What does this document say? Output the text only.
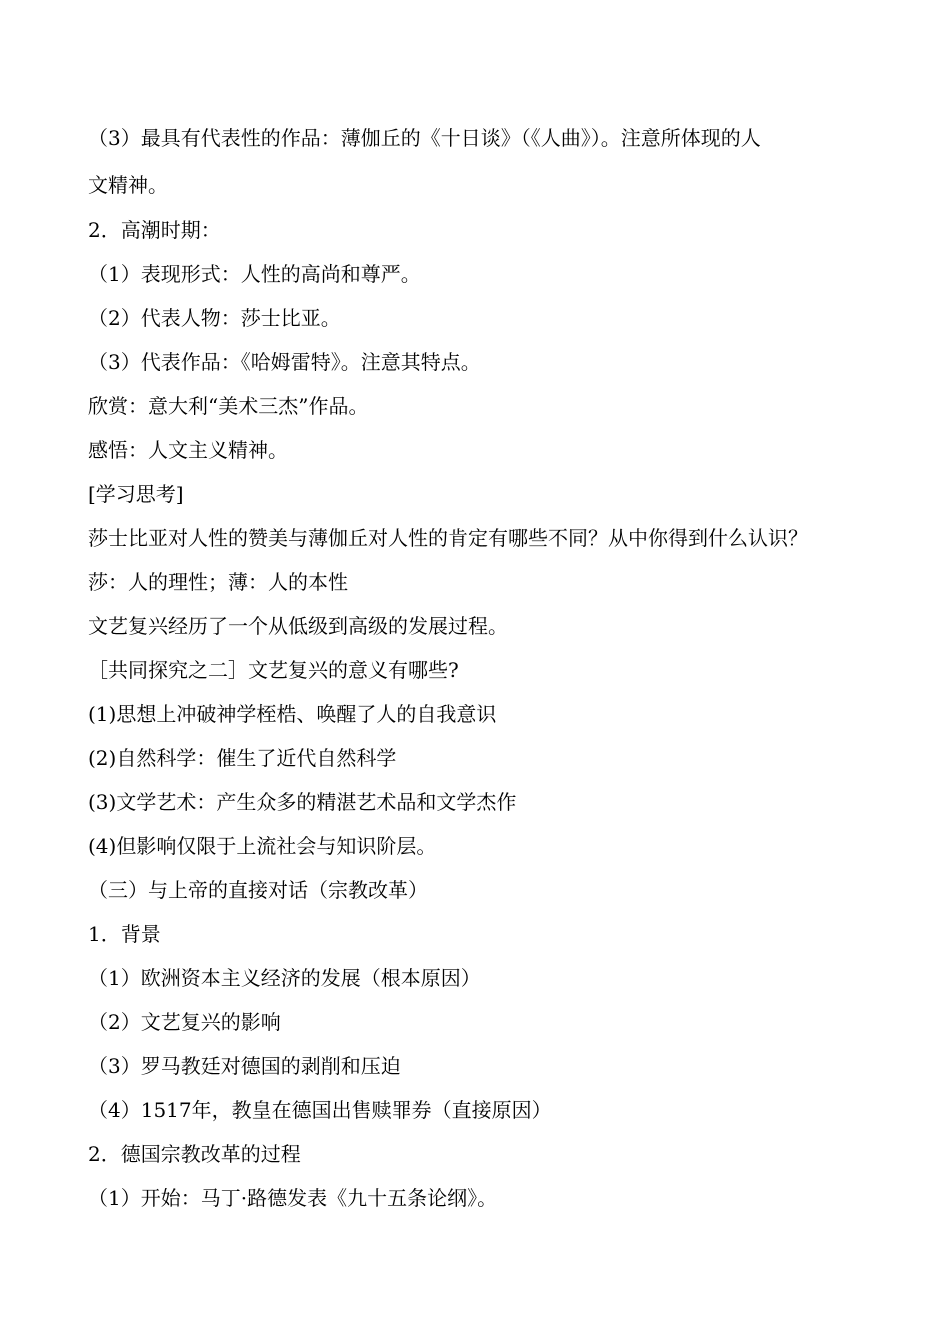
（3）最具有代表性的作品：薄伽丘的《十日谈》（《人曲》）。注意所体现的人
文精神。
2．高潮时期：
（1）表现形式：人性的高尚和尊严。
（2）代表人物：莎士比亚。
（3）代表作品：《哈姆雷特》。注意其特点。
欣赏：意大利“美术三杰”作品。
感悟：人文主义精神。
[学习思考]
莎士比亚对人性的赞美与薄伽丘对人性的肯定有哪些不同？从中你得到什么认识？
莎：人的理性；薄：人的本性
文艺复兴经历了一个从低级到高级的发展过程。
［共同探究之二］文艺复兴的意义有哪些?
(1)思想上冲破神学桎梏、唤醒了人的自我意识
(2)自然科学：催生了近代自然科学
(3)文学艺术：产生众多的精湛艺术品和文学杰作
(4)但影响仅限于上流社会与知识阶层。
（三）与上帝的直接对话（宗教改革）
1．背景
（1）欧洲资本主义经济的发展（根本原因）
（2）文艺复兴的影响
（3）罗马教廷对德国的剥削和压迫
（4）1517年，教皇在德国出售赎罪券（直接原因）
2．德国宗教改革的过程
（1）开始：马丁·路德发表《九十五条论纲》。
